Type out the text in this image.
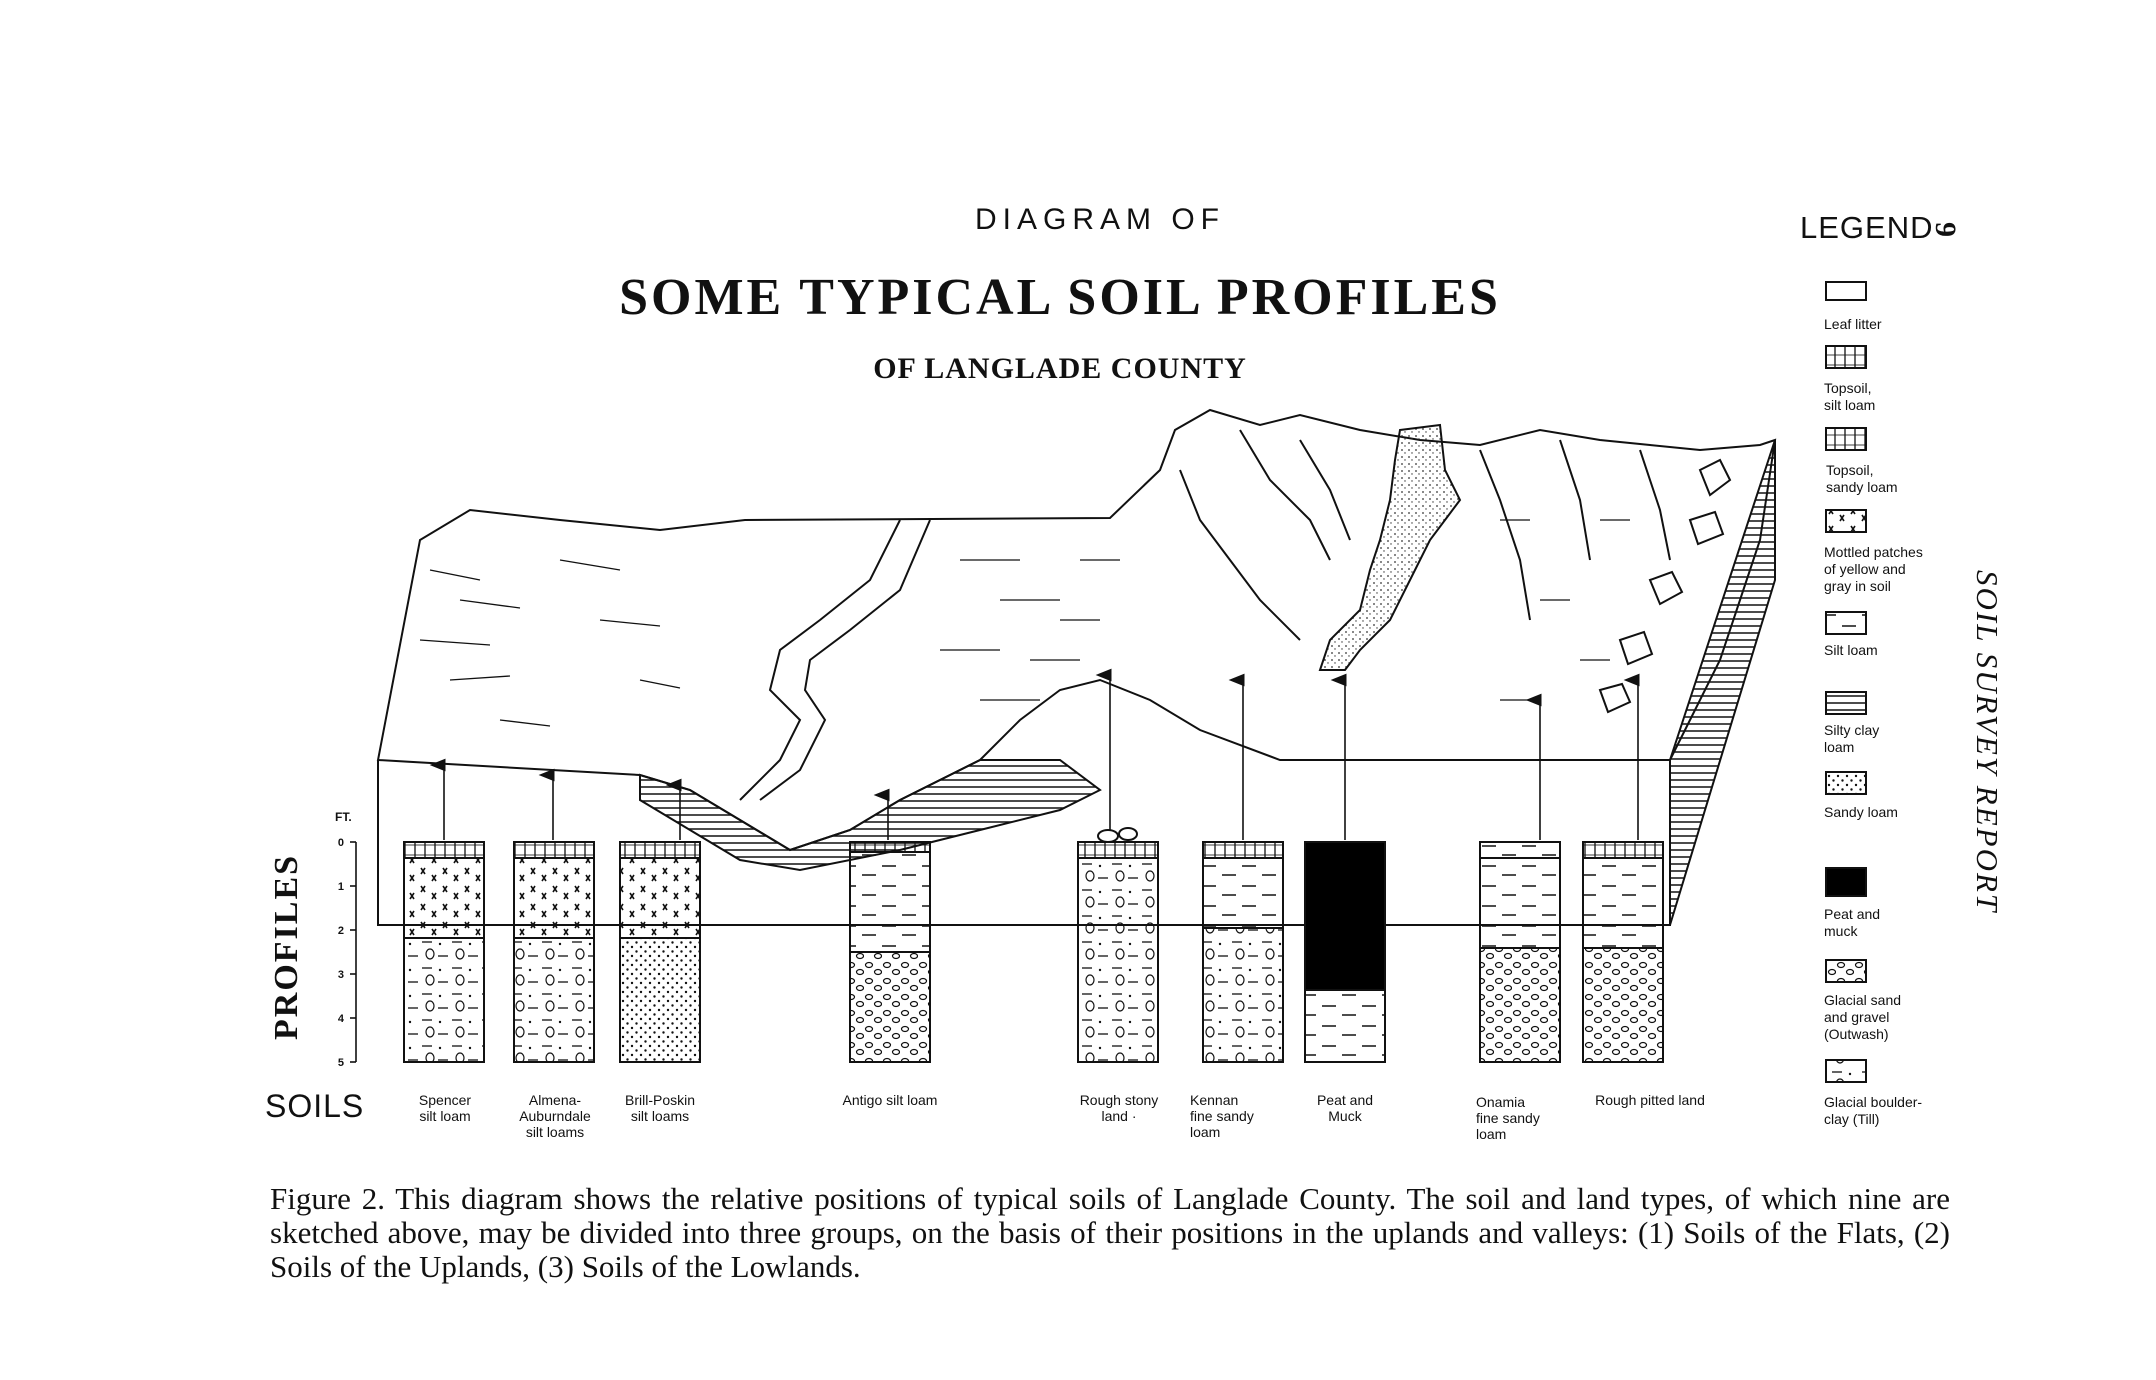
DIAGRAM OF
SOME TYPICAL SOIL PROFILES
OF LANGLADE COUNTY
LEGEND
9
SOIL SURVEY REPORT
PROFILES
SOILS
FT.
0
1
2
3
4
5
Spencer
silt loam
Almena-
Auburndale
silt loams
Brill-Poskin
silt loams
Antigo silt loam	Rough stony
land ·
Kennan
fine sandy
loam
Peat and
Muck
Onamia
fine sandy
loam
Rough pitted land
Leaf litter
Topsoil,
silt loam
Topsoil,
sandy loam
Mottled patches
of yellow and
gray in soil
Silt loam
Silty clay
loam
Sandy loam
Peat and
muck
Glacial sand
and gravel
(Outwash)
Glacial boulder-
clay (Till)
Figure 2. This diagram shows the relative positions of typical soils of Langlade County. The soil and land types, of which nine are sketched above, may be divided into three groups, on the basis of their positions in the uplands and valleys: (1) Soils of the Flats, (2) Soils of the Uplands, (3) Soils of the Lowlands.
